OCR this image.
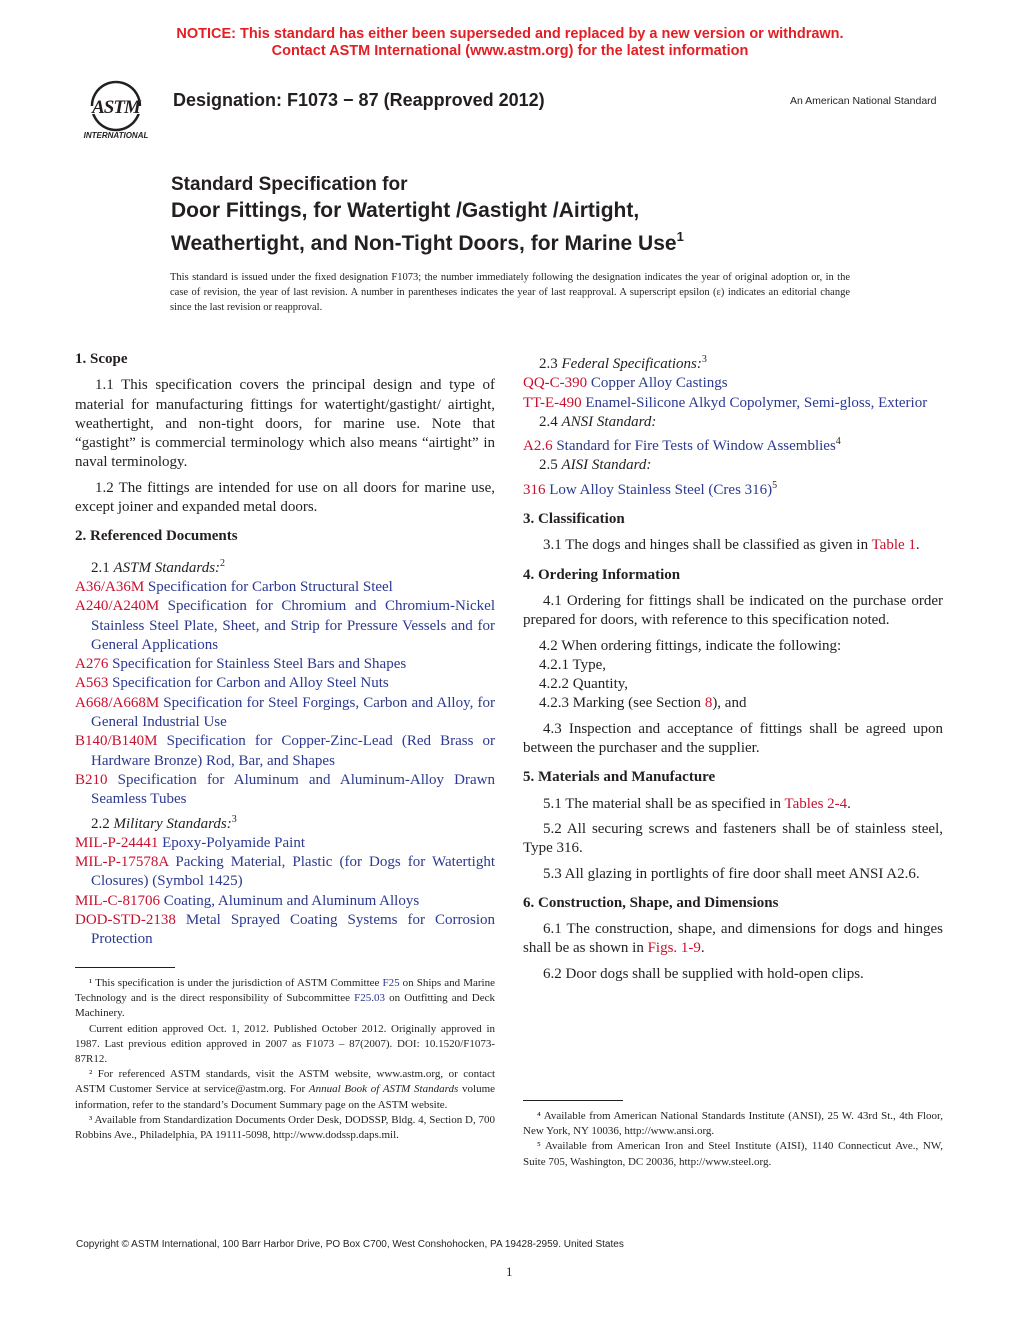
NOTICE: This standard has either been superseded and replaced by a new version or withdrawn.
Contact ASTM International (www.astm.org) for the latest information
ASTM
INTERNATIONAL
Designation: F1073 − 87 (Reapproved 2012)	An American National Standard
Standard Specification for
Door Fittings, for Watertight /Gastight /Airtight,
Weathertight, and Non-Tight Doors, for Marine Use$^1$
This standard is issued under the fixed designation F1073; the number immediately following the designation indicates the year of original adoption or, in the case of revision, the year of last revision. A number in parentheses indicates the year of last reapproval. A superscript epsilon (ε) indicates an editorial change since the last revision or reapproval.

1. Scope

1.1 This specification covers the principal design and type of material for manufacturing fittings for watertight/gastight/ airtight, weathertight, and non-tight doors, for marine use. Note that “gastight” is commercial terminology which also means “airtight” in naval terminology.

1.2 The fittings are intended for use on all doors for marine use, except joiner and expanded metal doors.

2. Referenced Documents

2.1 ASTM Standards:$^2$

A36/A36M Specification for Carbon Structural Steel

A240/A240M Specification for Chromium and Chromium-Nickel Stainless Steel Plate, Sheet, and Strip for Pressure Vessels and for General Applications

A276 Specification for Stainless Steel Bars and Shapes

A563 Specification for Carbon and Alloy Steel Nuts

A668/A668M Specification for Steel Forgings, Carbon and Alloy, for General Industrial Use

B140/B140M Specification for Copper-Zinc-Lead (Red Brass or Hardware Bronze) Rod, Bar, and Shapes

B210 Specification for Aluminum and Aluminum-Alloy Drawn Seamless Tubes

2.2 Military Standards:$^3$

MIL-P-24441 Epoxy-Polyamide Paint

MIL-P-17578A Packing Material, Plastic (for Dogs for Watertight Closures) (Symbol 1425)

MIL-C-81706 Coating, Aluminum and Aluminum Alloys

DOD-STD-2138 Metal Sprayed Coating Systems for Corrosion Protection

2.3 Federal Specifications:$^3$

QQ-C-390 Copper Alloy Castings

TT-E-490 Enamel-Silicone Alkyd Copolymer, Semi-gloss, Exterior

2.4 ANSI Standard:

A2.6 Standard for Fire Tests of Window Assemblies$^4$

2.5 AISI Standard:

316 Low Alloy Stainless Steel (Cres 316)$^5$

3. Classification

3.1 The dogs and hinges shall be classified as given in Table 1.

4. Ordering Information

4.1 Ordering for fittings shall be indicated on the purchase order prepared for doors, with reference to this specification noted.

4.2 When ordering fittings, indicate the following:

4.2.1 Type,

4.2.2 Quantity,

4.2.3 Marking (see Section 8), and

4.3 Inspection and acceptance of fittings shall be agreed upon between the purchaser and the supplier.

5. Materials and Manufacture

5.1 The material shall be as specified in Tables 2-4.

5.2 All securing screws and fasteners shall be of stainless steel, Type 316.

5.3 All glazing in portlights of fire door shall meet ANSI A2.6.

6. Construction, Shape, and Dimensions

6.1 The construction, shape, and dimensions for dogs and hinges shall be as shown in Figs. 1-9.

6.2 Door dogs shall be supplied with hold-open clips.

¹ This specification is under the jurisdiction of ASTM Committee F25 on Ships and Marine Technology and is the direct responsibility of Subcommittee F25.03 on Outfitting and Deck Machinery.

Current edition approved Oct. 1, 2012. Published October 2012. Originally approved in 1987. Last previous edition approved in 2007 as F1073 – 87(2007). DOI: 10.1520/F1073-87R12.

² For referenced ASTM standards, visit the ASTM website, www.astm.org, or contact ASTM Customer Service at service@astm.org. For Annual Book of ASTM Standards volume information, refer to the standard’s Document Summary page on the ASTM website.

³ Available from Standardization Documents Order Desk, DODSSP, Bldg. 4, Section D, 700 Robbins Ave., Philadelphia, PA 19111-5098, http://www.dodssp.daps.mil.

⁴ Available from American National Standards Institute (ANSI), 25 W. 43rd St., 4th Floor, New York, NY 10036, http://www.ansi.org.

⁵ Available from American Iron and Steel Institute (AISI), 1140 Connecticut Ave., NW, Suite 705, Washington, DC 20036, http://www.steel.org.

Copyright © ASTM International, 100 Barr Harbor Drive, PO Box C700, West Conshohocken, PA 19428-2959. United States
1
